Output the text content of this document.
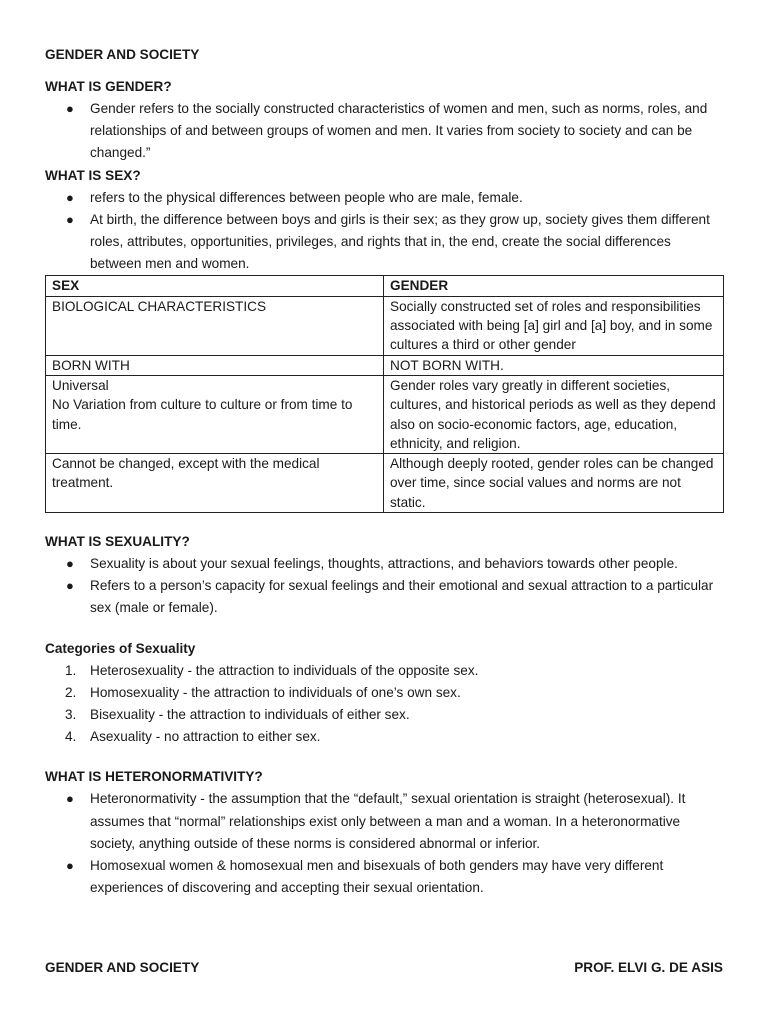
GENDER AND SOCIETY
WHAT IS GENDER?
● Gender refers to the socially constructed characteristics of women and men, such as norms, roles, and relationships of and between groups of women and men. It varies from society to society and can be changed.”
WHAT IS SEX?
● refers to the physical differences between people who are male, female.
● At birth, the difference between boys and girls is their sex; as they grow up, society gives them different roles, attributes, opportunities, privileges, and rights that in, the end, create the social differences between men and women.
SEX	GENDER
BIOLOGICAL CHARACTERISTICS	Socially constructed set of roles and responsibilities associated with being [a] girl and [a] boy, and in some cultures a third or other gender
BORN WITH	NOT BORN WITH.
Universal
No Variation from culture to culture or from time to time.	Gender roles vary greatly in different societies, cultures, and historical periods as well as they depend also on socio-economic factors, age, education, ethnicity, and religion.
Cannot be changed, except with the medical treatment.	Although deeply rooted, gender roles can be changed over time, since social values and norms are not static.
WHAT IS SEXUALITY?
● Sexuality is about your sexual feelings, thoughts, attractions, and behaviors towards other people.
● Refers to a person’s capacity for sexual feelings and their emotional and sexual attraction to a particular sex (male or female).
Categories of Sexuality
1.	Heterosexuality - the attraction to individuals of the opposite sex.
2.	Homosexuality - the attraction to individuals of one’s own sex.
3.	Bisexuality - the attraction to individuals of either sex.
4.	Asexuality - no attraction to either sex.
WHAT IS HETERONORMATIVITY?
● Heteronormativity - the assumption that the “default,” sexual orientation is straight (heterosexual). It assumes that “normal” relationships exist only between a man and a woman. In a heteronormative society, anything outside of these norms is considered abnormal or inferior.
● Homosexual women & homosexual men and bisexuals of both genders may have very different experiences of discovering and accepting their sexual orientation.
GENDER AND SOCIETY	PROF. ELVI G. DE ASIS
